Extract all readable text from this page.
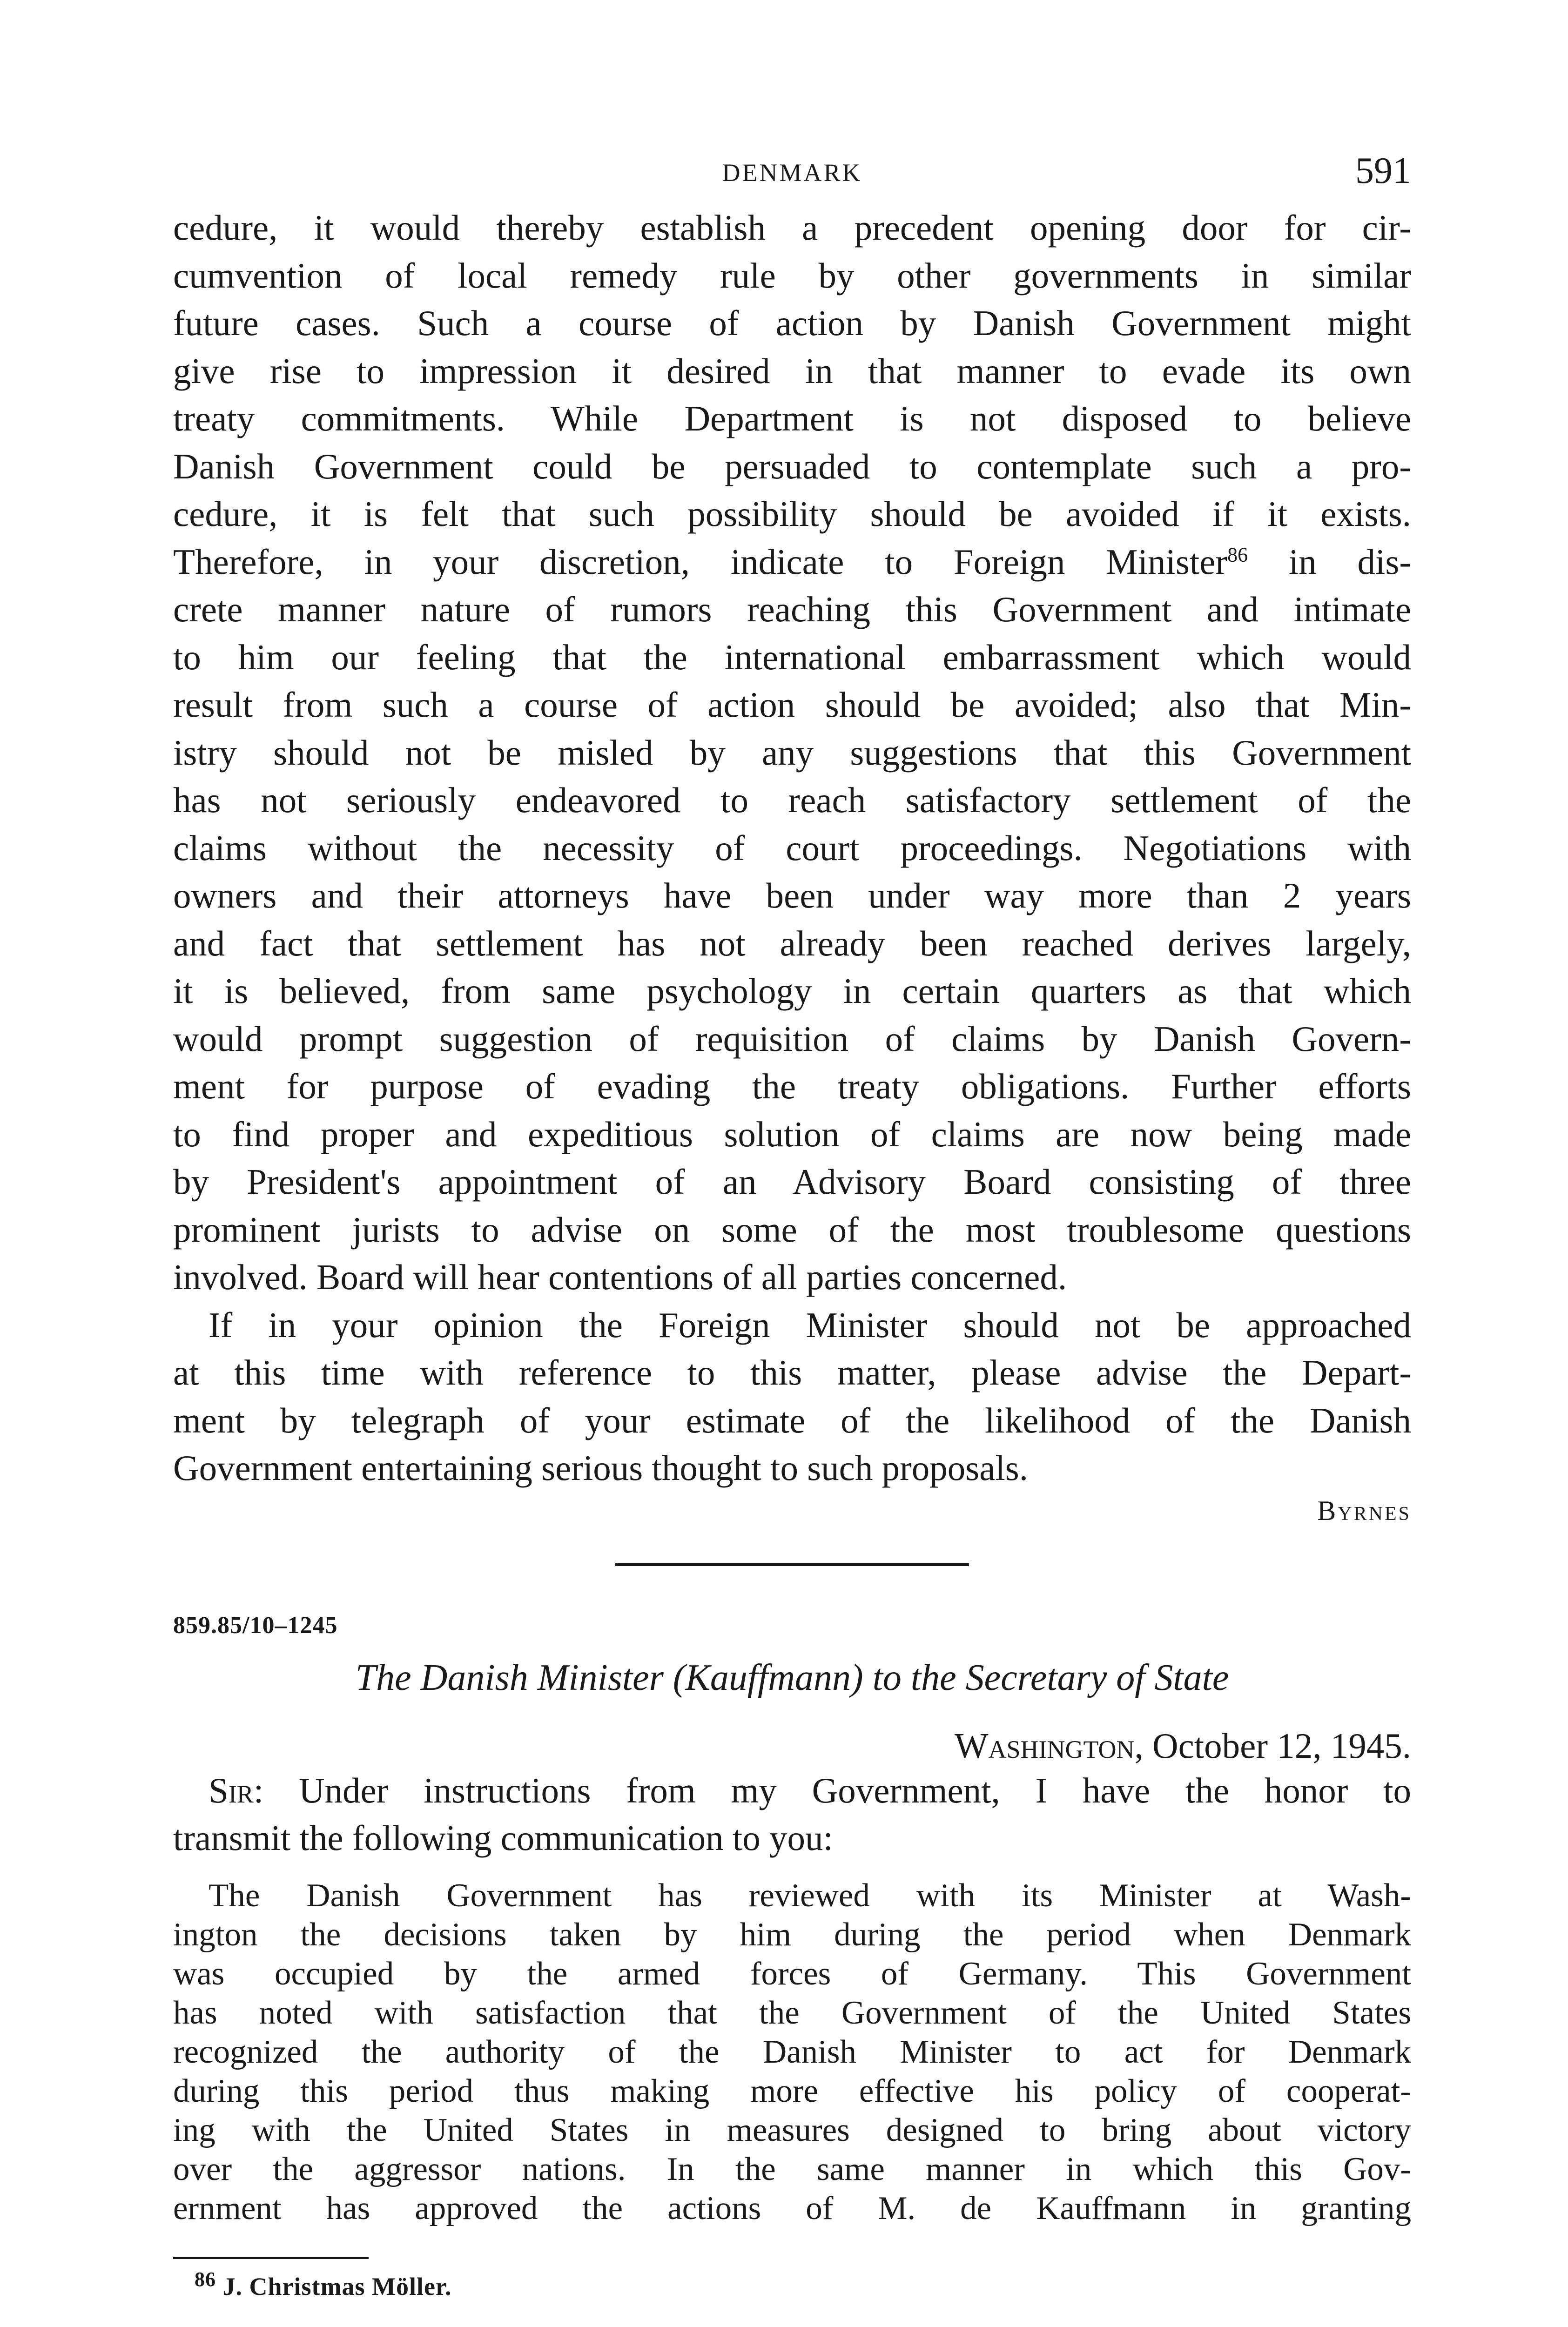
DENMARK	591
cedure, it would thereby establish a precedent opening door for cir-
cumvention of local remedy rule by other governments in similar
future cases. Such a course of action by Danish Government might
give rise to impression it desired in that manner to evade its own
treaty commitments. While Department is not disposed to believe
Danish Government could be persuaded to contemplate such a pro-
cedure, it is felt that such possibility should be avoided if it exists.
Therefore, in your discretion, indicate to Foreign Minister$^{86}$ in dis-
crete manner nature of rumors reaching this Government and intimate
to him our feeling that the international embarrassment which would
result from such a course of action should be avoided; also that Min-
istry should not be misled by any suggestions that this Government
has not seriously endeavored to reach satisfactory settlement of the
claims without the necessity of court proceedings. Negotiations with
owners and their attorneys have been under way more than 2 years
and fact that settlement has not already been reached derives largely,
it is believed, from same psychology in certain quarters as that which
would prompt suggestion of requisition of claims by Danish Govern-
ment for purpose of evading the treaty obligations. Further efforts
to find proper and expeditious solution of claims are now being made
by President's appointment of an Advisory Board consisting of three
prominent jurists to advise on some of the most troublesome questions
involved. Board will hear contentions of all parties concerned.
If in your opinion the Foreign Minister should not be approached
at this time with reference to this matter, please advise the Depart-
ment by telegraph of your estimate of the likelihood of the Danish
Government entertaining serious thought to such proposals.
Byrnes
859.85/10–1245
The Danish Minister (Kauffmann) to the Secretary of State
Washington, October 12, 1945.
Sir: Under instructions from my Government, I have the honor to
transmit the following communication to you:
The Danish Government has reviewed with its Minister at Wash-
ington the decisions taken by him during the period when Denmark
was occupied by the armed forces of Germany. This Government
has noted with satisfaction that the Government of the United States
recognized the authority of the Danish Minister to act for Denmark
during this period thus making more effective his policy of cooperat-
ing with the United States in measures designed to bring about victory
over the aggressor nations. In the same manner in which this Gov-
ernment has approved the actions of M. de Kauffmann in granting
$^{86}$ J. Christmas Möller.
